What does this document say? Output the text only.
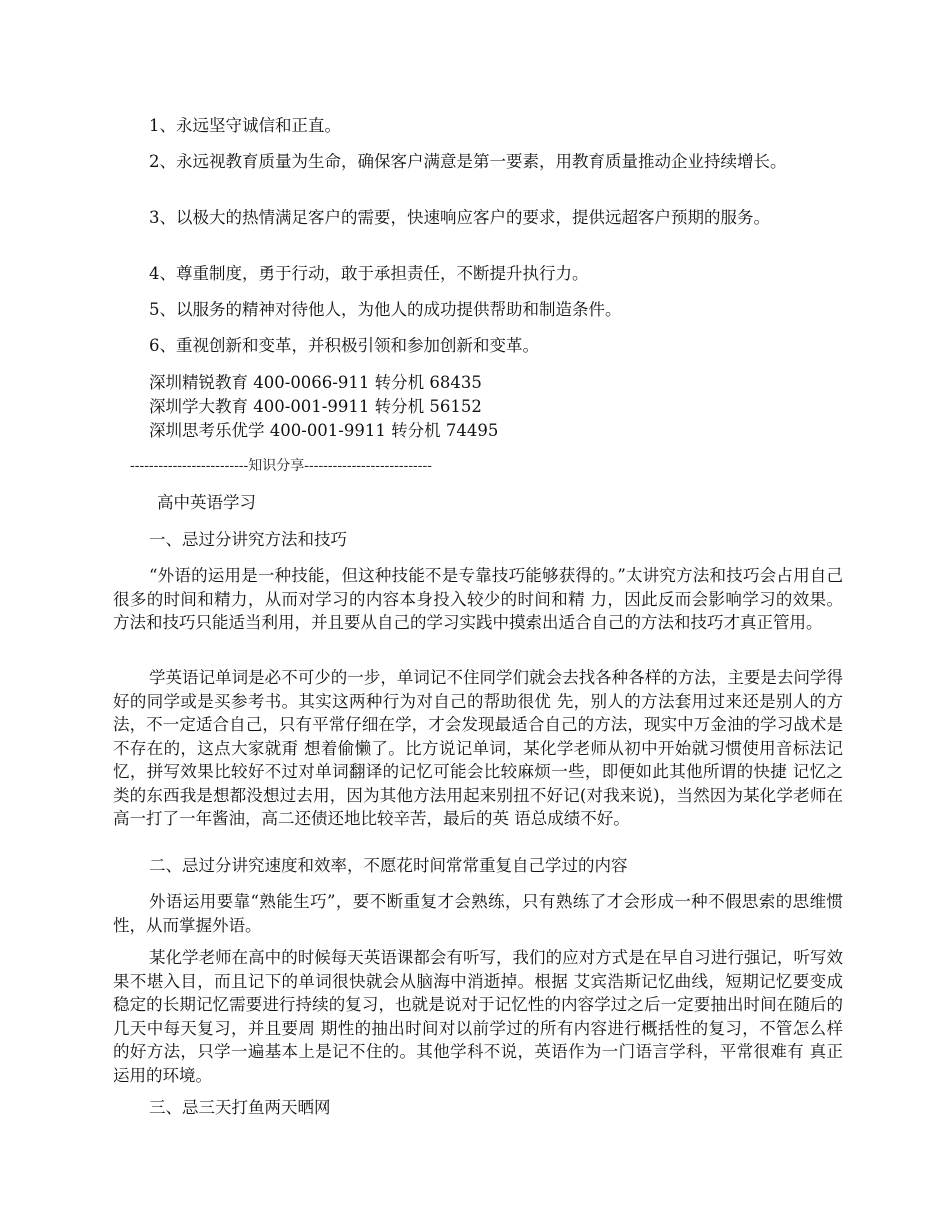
1、永远坚守诚信和正直。

2、永远视教育质量为生命，确保客户满意是第一要素，用教育质量推动企业持续增长。

3、以极大的热情满足客户的需要，快速响应客户的要求，提供远超客户预期的服务。

4、尊重制度，勇于行动，敢于承担责任，不断提升执行力。

5、以服务的精神对待他人，为他人的成功提供帮助和制造条件。

6、重视创新和变革，并积极引领和参加创新和变革。

深圳精锐教育 400-0066-911 转分机 68435

深圳学大教育 400-001-9911 转分机 56152

深圳思考乐优学 400-001-9911 转分机 74495

-------------------------知识分享---------------------------

高中英语学习

一、忌过分讲究方法和技巧

“外语的运用是一种技能，但这种技能不是专靠技巧能够获得的。”太讲究方法和技巧会占用自己很多的时间和精力，从而对学习的内容本身投入较少的时间和精 力，因此反而会影响学习的效果。方法和技巧只能适当利用，并且要从自己的学习实践中摸索出适合自己的方法和技巧才真正管用。

学英语记单词是必不可少的一步，单词记不住同学们就会去找各种各样的方法，主要是去问学得好的同学或是买参考书。其实这两种行为对自己的帮助很优 先，别人的方法套用过来还是别人的方法，不一定适合自己，只有平常仔细在学，才会发现最适合自己的方法，现实中万金油的学习战术是不存在的，这点大家就甭 想着偷懒了。比方说记单词，某化学老师从初中开始就习惯使用音标法记忆，拼写效果比较好不过对单词翻译的记忆可能会比较麻烦一些，即便如此其他所谓的快捷 记忆之类的东西我是想都没想过去用，因为其他方法用起来别扭不好记(对我来说)，当然因为某化学老师在高一打了一年酱油，高二还债还地比较辛苦，最后的英 语总成绩不好。

二、忌过分讲究速度和效率，不愿花时间常常重复自己学过的内容

外语运用要靠“熟能生巧”，要不断重复才会熟练，只有熟练了才会形成一种不假思索的思维惯性，从而掌握外语。

某化学老师在高中的时候每天英语课都会有听写，我们的应对方式是在早自习进行强记，听写效果不堪入目，而且记下的单词很快就会从脑海中消逝掉。根据 艾宾浩斯记忆曲线，短期记忆要变成稳定的长期记忆需要进行持续的复习，也就是说对于记忆性的内容学过之后一定要抽出时间在随后的几天中每天复习，并且要周 期性的抽出时间对以前学过的所有内容进行概括性的复习，不管怎么样的好方法，只学一遍基本上是记不住的。其他学科不说，英语作为一门语言学科，平常很难有 真正运用的环境。

三、忌三天打鱼两天晒网
